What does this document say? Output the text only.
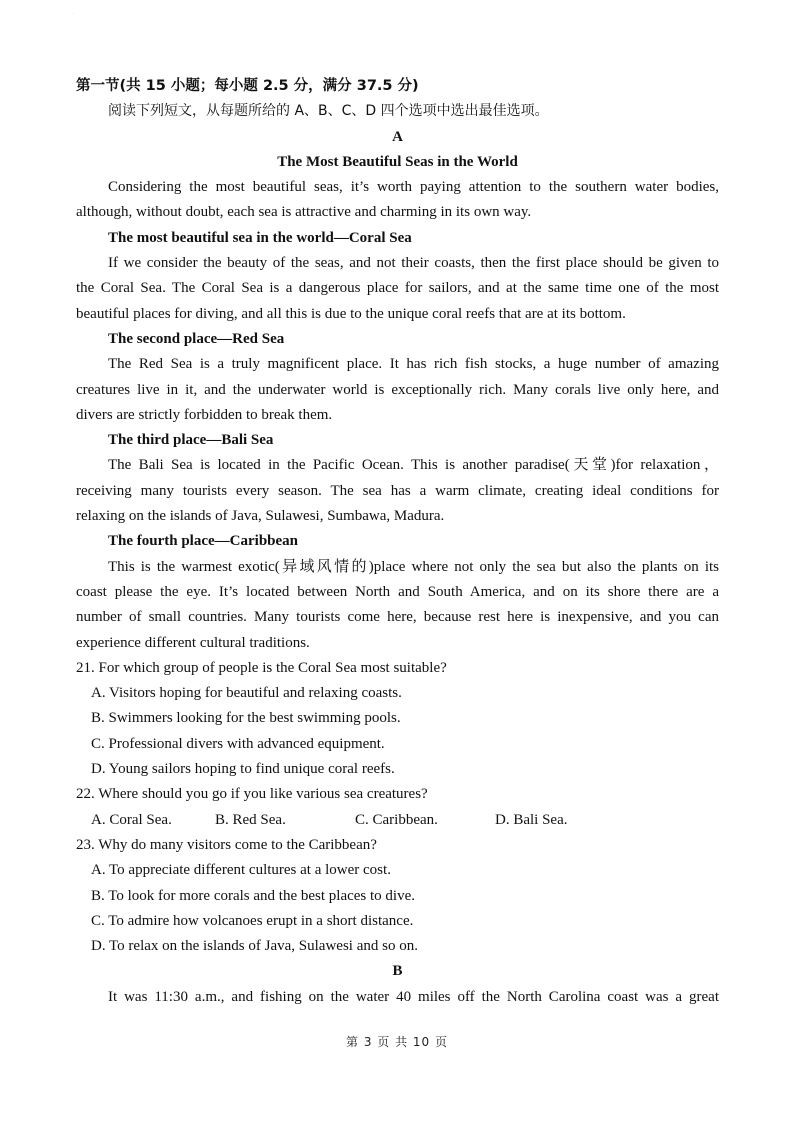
.
第一节(共 15 小题；每小题 2.5 分，满分 37.5 分)
阅读下列短文，从每题所给的 A、B、C、D 四个选项中选出最佳选项。
A
The Most Beautiful Seas in the World
Considering the most beautiful seas, it’s worth paying attention to the southern water bodies,
although, without doubt, each sea is attractive and charming in its own way.
The most beautiful sea in the world—Coral Sea
If we consider the beauty of the seas, and not their coasts, then the first place should be given to
the Coral Sea. The Coral Sea is a dangerous place for sailors, and at the same time one of the most
beautiful places for diving, and all this is due to the unique coral reefs that are at its bottom.
The second place—Red Sea
The Red Sea is a truly magnificent place. It has rich fish stocks, a huge number of amazing
creatures live in it, and the underwater world is exceptionally rich. Many corals live only here, and
divers are strictly forbidden to break them.
The third place—Bali Sea
The Bali Sea is located in the Pacific Ocean. This is another paradise(天堂)for relaxation，
receiving many tourists every season. The sea has a warm climate, creating ideal conditions for
relaxing on the islands of Java, Sulawesi, Sumbawa, Madura.
The fourth place—Caribbean
This is the warmest exotic(异域风情的)place where not only the sea but also the plants on its
coast please the eye. It’s located between North and South America, and on its shore there are a
number of small countries. Many tourists come here, because rest here is inexpensive, and you can
experience different cultural traditions.
21. For which group of people is the Coral Sea most suitable?
A. Visitors hoping for beautiful and relaxing coasts.
B. Swimmers looking for the best swimming pools.
C. Professional divers with advanced equipment.
D. Young sailors hoping to find unique coral reefs.
22. Where should you go if you like various sea creatures?
A. Coral Sea.	B. Red Sea.	C. Caribbean.	D. Bali Sea.
23. Why do many visitors come to the Caribbean?
A. To appreciate different cultures at a lower cost.
B. To look for more corals and the best places to dive.
C. To admire how volcanoes erupt in a short distance.
D. To relax on the islands of Java, Sulawesi and so on.
B
It was 11:30 a.m., and fishing on the water 40 miles off the North Carolina coast was a great
第 3 页 共 10 页
